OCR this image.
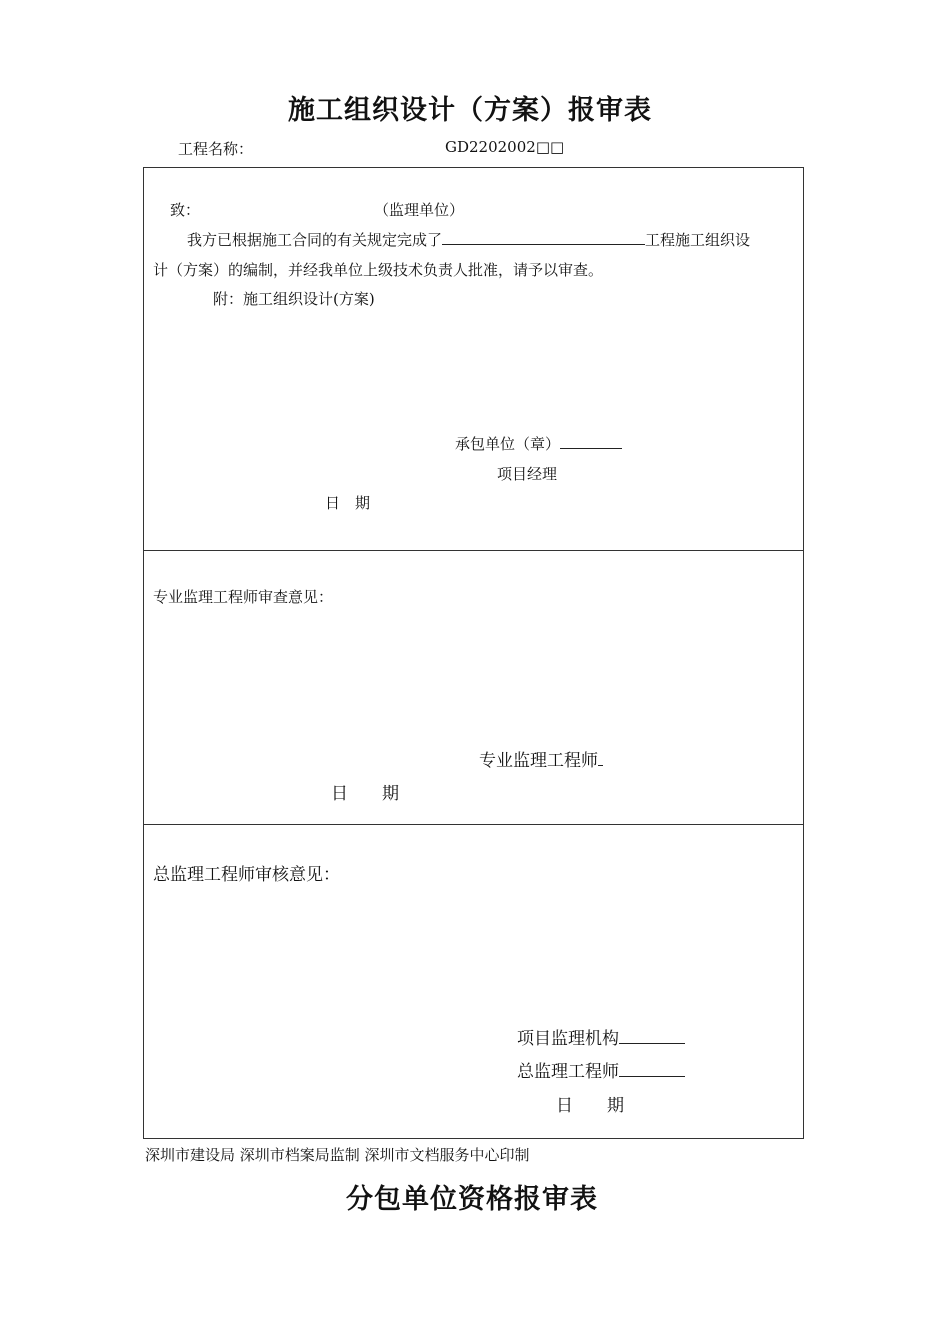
施工组织设计（方案）报审表
工程名称：	GD2202002□□
致：	（监理单位）
我方已根据施工合同的有关规定完成了	工程施工组织设
计（方案）的编制，并经我单位上级技术负责人批准，请予以审查。
附：施工组织设计(方案)
承包单位（章）
项目经理
日　期
专业监理工程师审查意见：
专业监理工程师
日　　期
总监理工程师审核意见：
项目监理机构
总监理工程师
日　　期
深圳市建设局 深圳市档案局监制 深圳市文档服务中心印制
分包单位资格报审表
